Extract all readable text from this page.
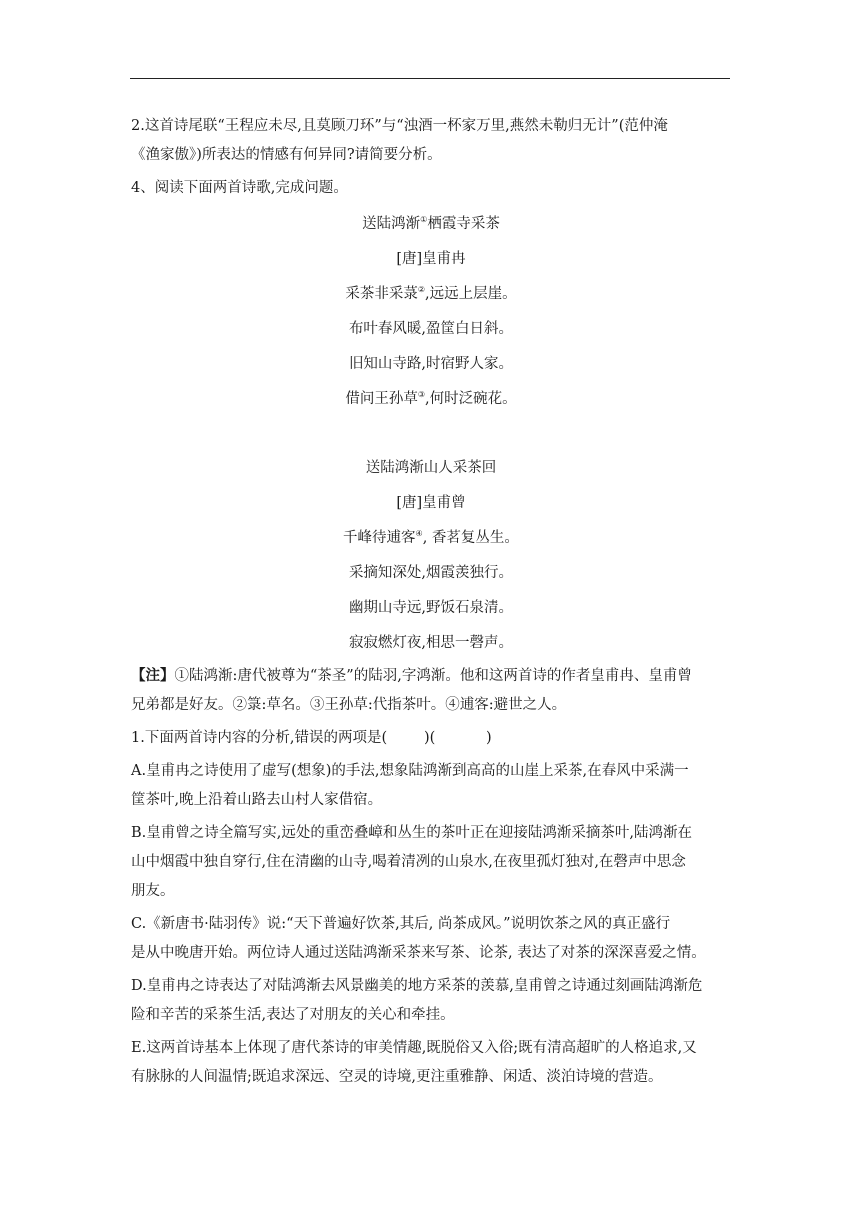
2.这首诗尾联“王程应未尽,且莫顾刀环”与“浊酒一杯家万里,燕然未勒归无计”(范仲淹
《渔家傲》)所表达的情感有何异同?请简要分析。
4、阅读下面两首诗歌,完成问题。
送陆鸿渐①栖霞寺采茶
[唐]皇甫冉
采茶非采菉②,远远上层崖。
布叶春风暖,盈筐白日斜。
旧知山寺路,时宿野人家。
借问王孙草③,何时泛碗花。
送陆鸿渐山人采茶回
[唐]皇甫曾
千峰待逋客④, 香茗复丛生。
采摘知深处,烟霞羡独行。
幽期山寺远,野饭石泉清。
寂寂燃灯夜,相思一磬声。
【注】①陆鸿渐:唐代被尊为“茶圣”的陆羽,字鸿渐。他和这两首诗的作者皇甫冉、皇甫曾
兄弟都是好友。②箓:草名。③王孙草:代指茶叶。④逋客:避世之人。
1.下面两首诗内容的分析,错误的两项是(        )(           )
A.皇甫冉之诗使用了虚写(想象)的手法,想象陆鸿渐到高高的山崖上采茶,在春风中采满一
筐茶叶,晚上沿着山路去山村人家借宿。
B.皇甫曾之诗全篇写实,远处的重峦叠嶂和丛生的茶叶正在迎接陆鸿渐采摘茶叶,陆鸿渐在
山中烟霞中独自穿行,住在清幽的山寺,喝着清冽的山泉水,在夜里孤灯独对,在磬声中思念
朋友。
C.《新唐书·陆羽传》说:“天下普遍好饮茶,其后, 尚茶成风。”说明饮茶之风的真正盛行
是从中晚唐开始。两位诗人通过送陆鸿渐采茶来写茶、论茶, 表达了对茶的深深喜爱之情。
D.皇甫冉之诗表达了对陆鸿渐去风景幽美的地方采茶的羡慕,皇甫曾之诗通过刻画陆鸿渐危
险和辛苦的采茶生活,表达了对朋友的关心和牵挂。
E.这两首诗基本上体现了唐代茶诗的审美情趣,既脱俗又入俗;既有清高超旷的人格追求,又
有脉脉的人间温情;既追求深远、空灵的诗境,更注重雅静、闲适、淡泊诗境的营造。
